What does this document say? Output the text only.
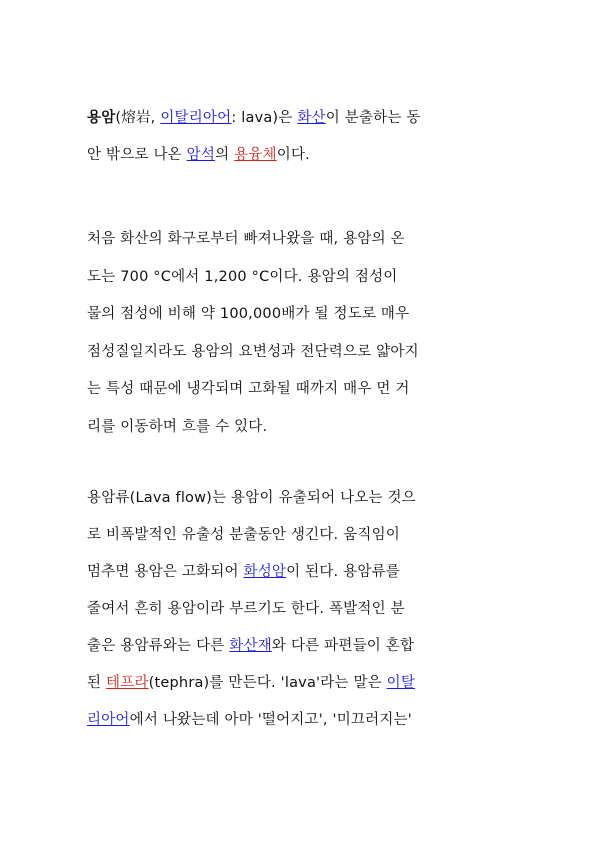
용암(熔岩, 이탈리아어: lava)은 화산이 분출하는 동
안 밖으로 나온 암석의 용융체이다.
처음 화산의 화구로부터 빠져나왔을 때, 용암의 온
도는 700 °C에서 1,200 °C이다. 용암의 점성이
물의 점성에 비해 약 100,000배가 될 정도로 매우
점성질일지라도 용암의 요변성과 전단력으로 얇아지
는 특성 때문에 냉각되며 고화될 때까지 매우 먼 거
리를 이동하며 흐를 수 있다.
용암류(Lava flow)는 용암이 유출되어 나오는 것으
로 비폭발적인 유출성 분출동안 생긴다. 움직임이
멈추면 용암은 고화되어 화성암이 된다. 용암류를
줄여서 흔히 용암이라 부르기도 한다. 폭발적인 분
출은 용암류와는 다른 화산재와 다른 파편들이 혼합
된 테프라(tephra)를 만든다. 'lava'라는 말은 이탈
리아어에서 나왔는데 아마 '떨어지고', '미끄러지는'
